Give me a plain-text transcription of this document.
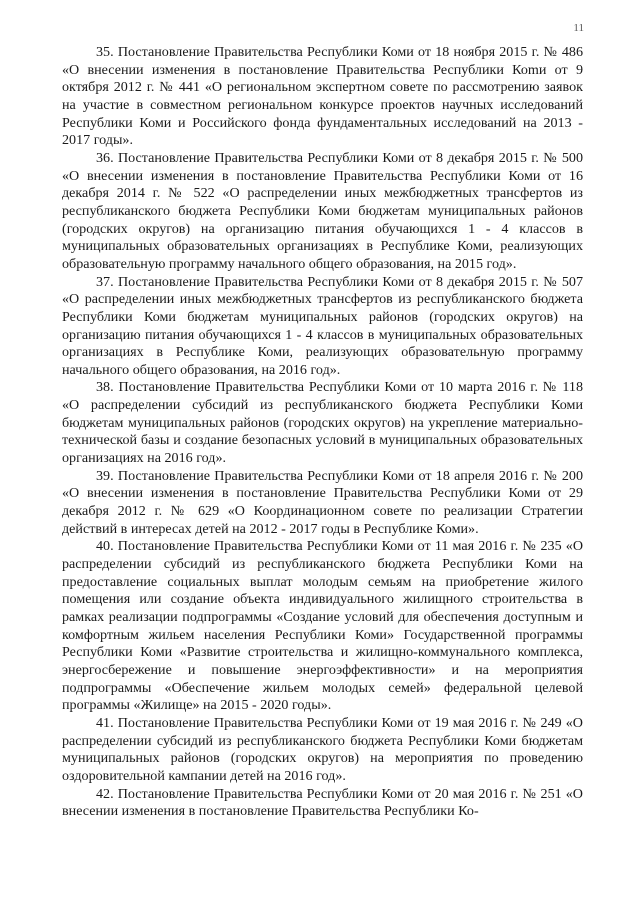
11

35. Постановление Правительства Республики Коми от 18 ноября 2015 г. № 486 «О внесении изменения в постановление Правительства Республики Коmи от 9 октября 2012 г. № 441 «О региональном экспертном совете по рассмотрению заявок на участие в совместном региональном конкурсе проектов научных исследований Республики Коми и Российского фонда фундаментальных исследований на 2013 - 2017 годы».

36. Постановление Правительства Республики Коми от 8 декабря 2015 г. № 500 «О внесении изменения в постановление Правительства Республики Коми от 16 декабря 2014 г. № 522 «О распределении иных межбюджетных трансфертов из республиканского бюджета Республики Коми бюджетам муниципальных районов (городских округов) на организацию питания обучающихся 1 - 4 классов в муниципальных образовательных организациях в Республике Коми, реализующих образовательную программу начального общего образования, на 2015 год».

37. Постановление Правительства Республики Коми от 8 декабря 2015 г. № 507 «О распределении иных межбюджетных трансфертов из республиканского бюджета Республики Коми бюджетам муниципальных районов (городских округов) на организацию питания обучающихся 1 - 4 классов в муниципальных образовательных организациях в Республике Коми, реализующих образовательную программу начального общего образования, на 2016 год».

38. Постановление Правительства Республики Коми от 10 марта 2016 г. № 118 «О распределении субсидий из республиканского бюджета Республики Коми бюджетам муниципальных районов (городских округов) на укрепление материально-технической базы и создание безопасных условий в муниципальных образовательных организациях на 2016 год».

39. Постановление Правительства Республики Коми от 18 апреля 2016 г. № 200 «О внесении изменения в постановление Правительства Республики Коми от 29 декабря 2012 г. № 629 «О Координационном совете по реализации Стратегии действий в интересах детей на 2012 - 2017 годы в Республике Коми».

40. Постановление Правительства Республики Коми от 11 мая 2016 г. № 235 «О распределении субсидий из республиканского бюджета Республики Коми на предоставление социальных выплат молодым семьям на приобретение жилого помещения или создание объекта индивидуального жилищного строительства в рамках реализации подпрограммы «Создание условий для обеспечения доступным и комфортным жильем населения Республики Коми» Государственной программы Республики Коми «Развитие строительства и жилищно-коммунального комплекса, энергосбережение и повышение энергоэффективности» и на мероприятия подпрограммы «Обеспечение жильем молодых семей» федеральной целевой программы «Жилище» на 2015 - 2020 годы».

41. Постановление Правительства Республики Коми от 19 мая 2016 г. № 249 «О распределении субсидий из республиканского бюджета Республики Коми бюджетам муниципальных районов (городских округов) на мероприятия по проведению оздоровительной кампании детей на 2016 год».

42. Постановление Правительства Республики Коми от 20 мая 2016 г. № 251 «О внесении изменения в постановление Правительства Республики Ко-
